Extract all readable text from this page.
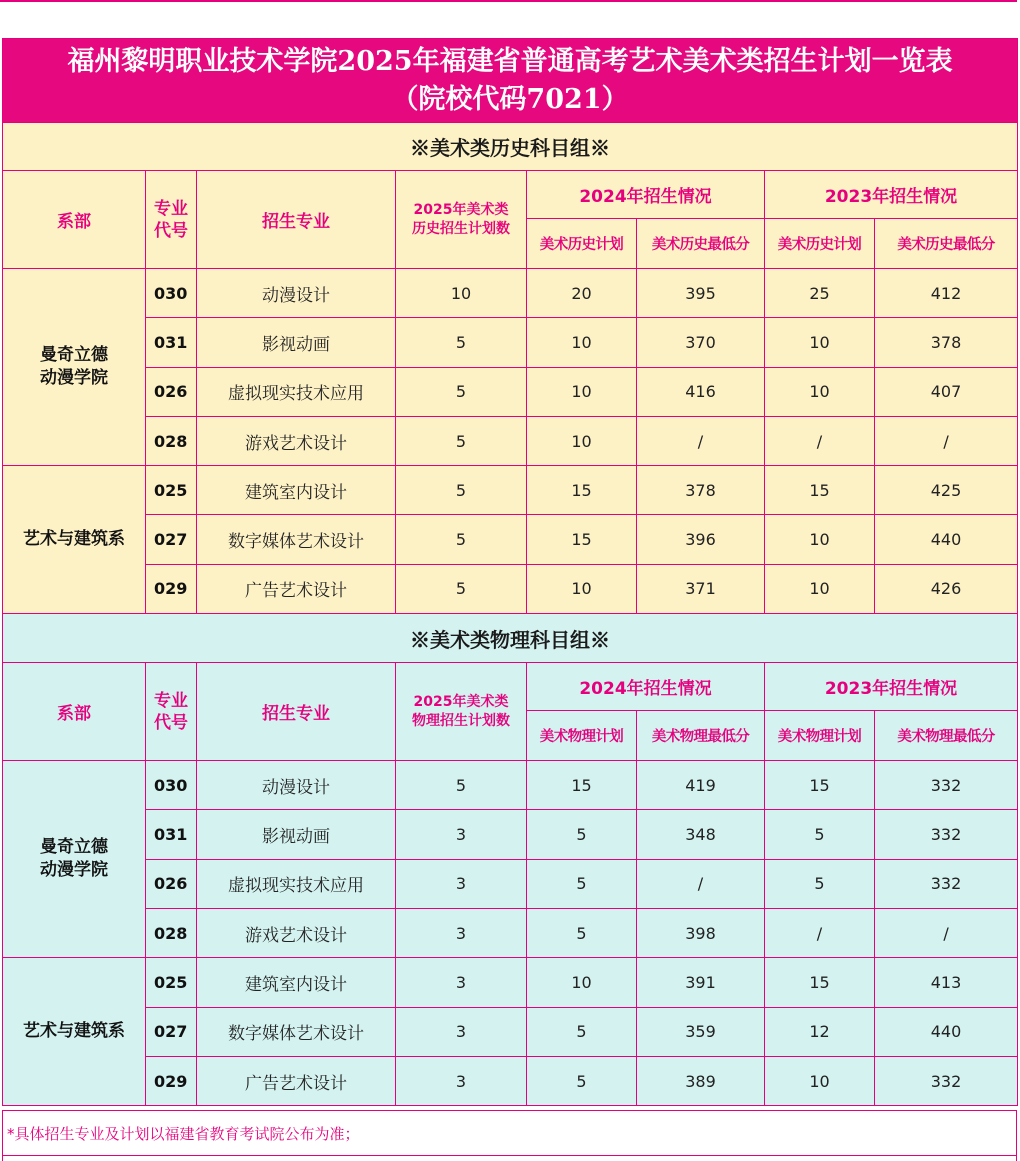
福州黎明职业技术学院2025年福建省普通高考艺术美术类招生计划一览表
（院校代码7021）							

※美术类历史科目组※							
系部	专业代号	招生专业	2025年美术类
历史招生计划数	2024年招生情况		2023年招生情况	
				美术历史计划	美术历史最低分	美术历史计划	美术历史最低分

曼奇立德
动漫学院	030	动漫设计	10	20	395	25	412
	031	影视动画	5	10	370	10	378
	026	虚拟现实技术应用	5	10	416	10	407
	028	游戏艺术设计	5	10	/	/	/
艺术与建筑系	025	建筑室内设计	5	15	378	15	425
	027	数字媒体艺术设计	5	15	396	10	440
	029	广告艺术设计	5	10	371	10	426
※美术类物理科目组※							
系部	专业代号	招生专业	2025年美术类
物理招生计划数	2024年招生情况		2023年招生情况	
				美术物理计划	美术物理最低分	美术物理计划	美术物理最低分

曼奇立德
动漫学院	030	动漫设计	5	15	419	15	332
	031	影视动画	3	5	348	5	332
	026	虚拟现实技术应用	3	5	/	5	332
	028	游戏艺术设计	3	5	398	/	/
艺术与建筑系	025	建筑室内设计	3	10	391	15	413
	027	数字媒体艺术设计	3	5	359	12	440
	029	广告艺术设计	3	5	389	10	332
*具体招生专业及计划以福建省教育考试院公布为准；
